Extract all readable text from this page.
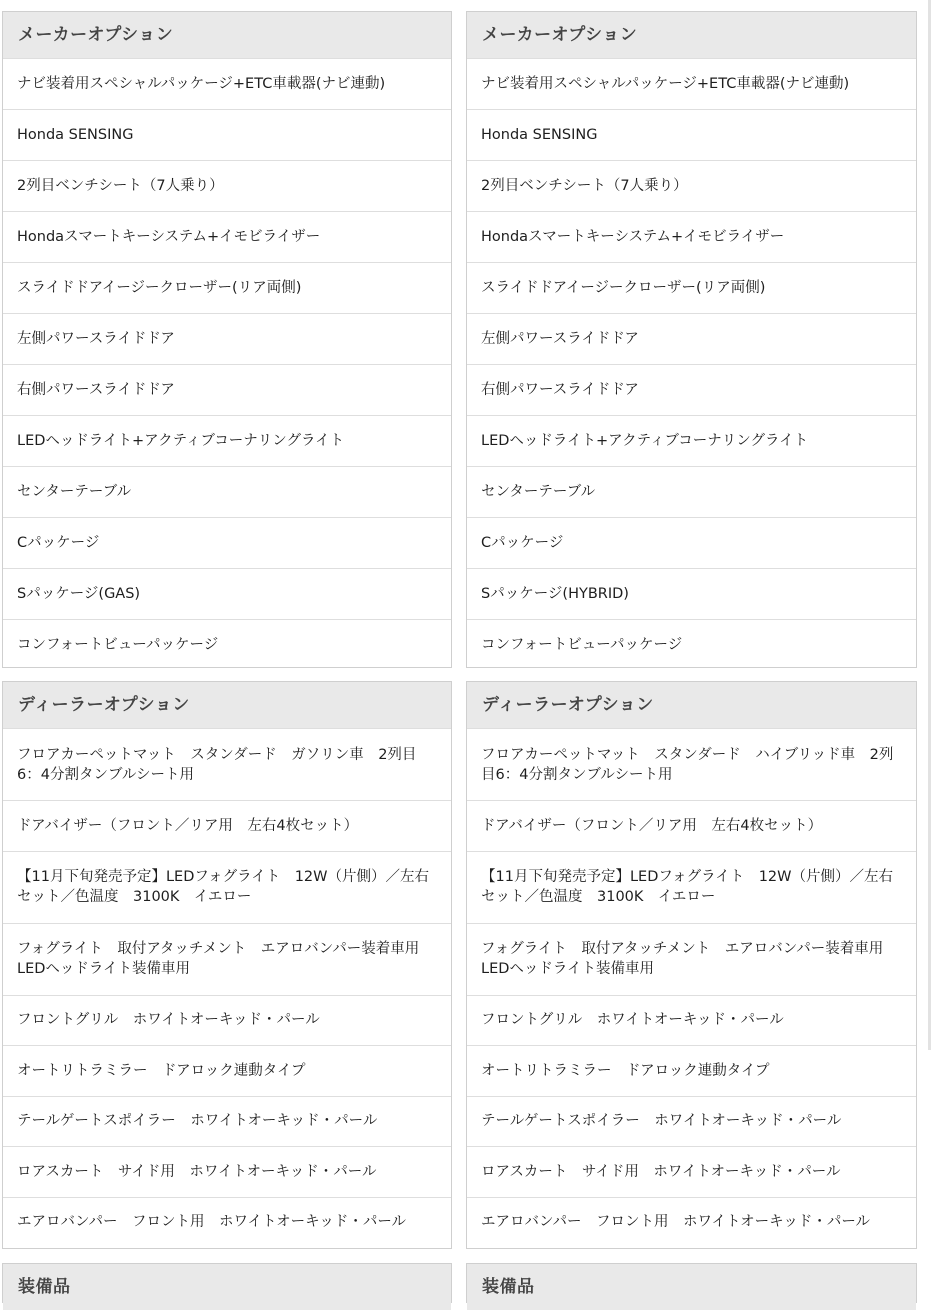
メーカーオプション
ナビ装着用スペシャルパッケージ+ETC車載器(ナビ連動)
Honda SENSING
2列目ベンチシート（7人乗り）
Hondaスマートキーシステム+イモビライザー
スライドドアイージークローザー(リア両側)
左側パワースライドドア
右側パワースライドドア
LEDヘッドライト+アクティブコーナリングライト
センターテーブル
Cパッケージ
Sパッケージ(GAS)
コンフォートビューパッケージ
メーカーオプション
ナビ装着用スペシャルパッケージ+ETC車載器(ナビ連動)
Honda SENSING
2列目ベンチシート（7人乗り）
Hondaスマートキーシステム+イモビライザー
スライドドアイージークローザー(リア両側)
左側パワースライドドア
右側パワースライドドア
LEDヘッドライト+アクティブコーナリングライト
センターテーブル
Cパッケージ
Sパッケージ(HYBRID)
コンフォートビューパッケージ
ディーラーオプション
フロアカーペットマット　スタンダード　ガソリン車　2列目6：4分割タンブルシート用
ドアバイザー（フロント／リア用　左右4枚セット）
【11月下旬発売予定】LEDフォグライト　12W（片側）／左右セット／色温度　3100K　イエロー
フォグライト　取付アタッチメント　エアロバンパー装着車用　LEDヘッドライト装備車用
フロントグリル　ホワイトオーキッド・パール
オートリトラミラー　ドアロック連動タイプ
テールゲートスポイラー　ホワイトオーキッド・パール
ロアスカート　サイド用　ホワイトオーキッド・パール
エアロバンパー　フロント用　ホワイトオーキッド・パール
ディーラーオプション
フロアカーペットマット　スタンダード　ハイブリッド車　2列目6：4分割タンブルシート用
ドアバイザー（フロント／リア用　左右4枚セット）
【11月下旬発売予定】LEDフォグライト　12W（片側）／左右セット／色温度　3100K　イエロー
フォグライト　取付アタッチメント　エアロバンパー装着車用　LEDヘッドライト装備車用
フロントグリル　ホワイトオーキッド・パール
オートリトラミラー　ドアロック連動タイプ
テールゲートスポイラー　ホワイトオーキッド・パール
ロアスカート　サイド用　ホワイトオーキッド・パール
エアロバンパー　フロント用　ホワイトオーキッド・パール
装備品	装備品
